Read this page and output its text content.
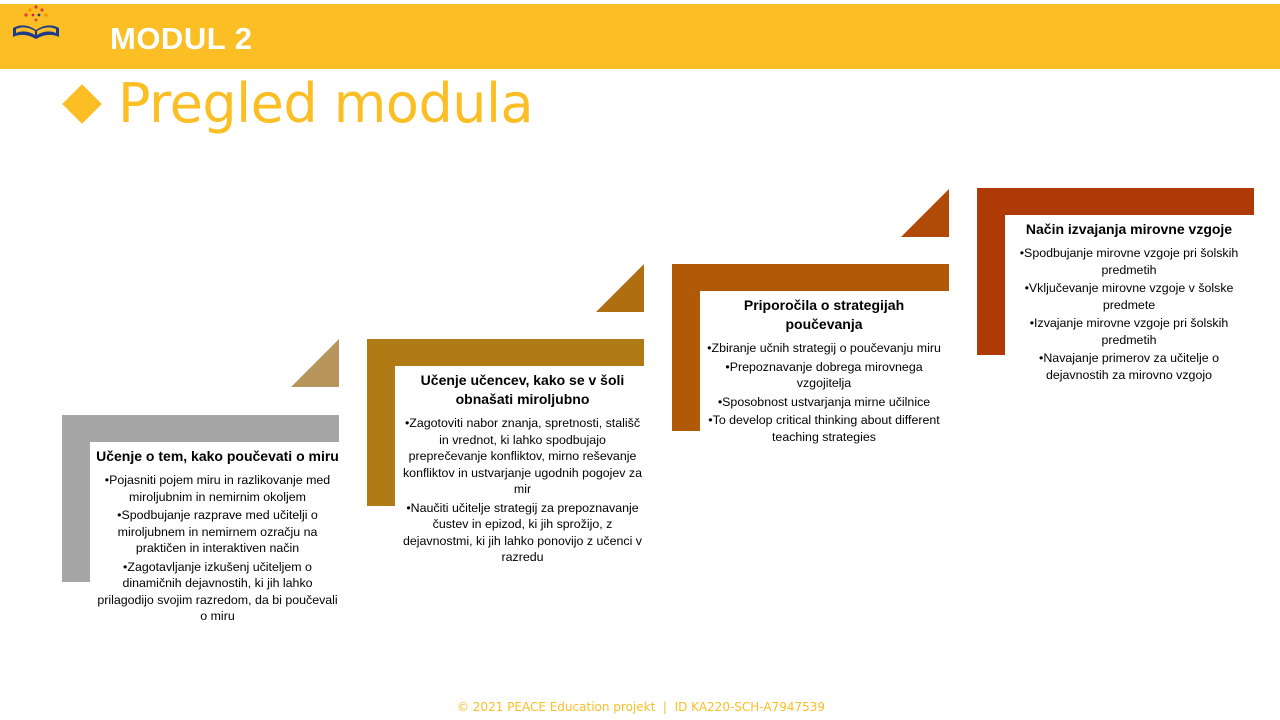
MODUL 2
Pregled modula
Učenje o tem, kako poučevati o miru
•Pojasniti pojem miru in razlikovanje med miroljubnim in nemirnim okoljem
•Spodbujanje razprave med učitelji o miroljubnem in nemirnem ozračju na praktičen in interaktiven način
•Zagotavljanje izkušenj učiteljem o dinamičnih dejavnostih, ki jih lahko prilagodijo svojim razredom, da bi poučevali o miru
Učenje učencev, kako se v šoli obnašati miroljubno
•Zagotoviti nabor znanja, spretnosti, stališč in vrednot, ki lahko spodbujajo preprečevanje konfliktov, mirno reševanje konfliktov in ustvarjanje ugodnih pogojev za mir
•Naučiti učitelje strategij za prepoznavanje čustev in epizod, ki jih sprožijo, z dejavnostmi, ki jih lahko ponovijo z učenci v razredu
Priporočila o strategijah poučevanja
•Zbiranje učnih strategij o poučevanju miru
•Prepoznavanje dobrega mirovnega vzgojitelja
•Sposobnost ustvarjanja mirne učilnice
•To develop critical thinking about different teaching strategies
Način izvajanja mirovne vzgoje
•Spodbujanje mirovne vzgoje pri šolskih predmetih
•Vključevanje mirovne vzgoje v šolske predmete
•Izvajanje mirovne vzgoje pri šolskih predmetih
•Navajanje primerov za učitelje o dejavnostih za mirovno vzgojo
© 2021 PEACE Education projekt  |  ID KA220-SCH-A7947539
